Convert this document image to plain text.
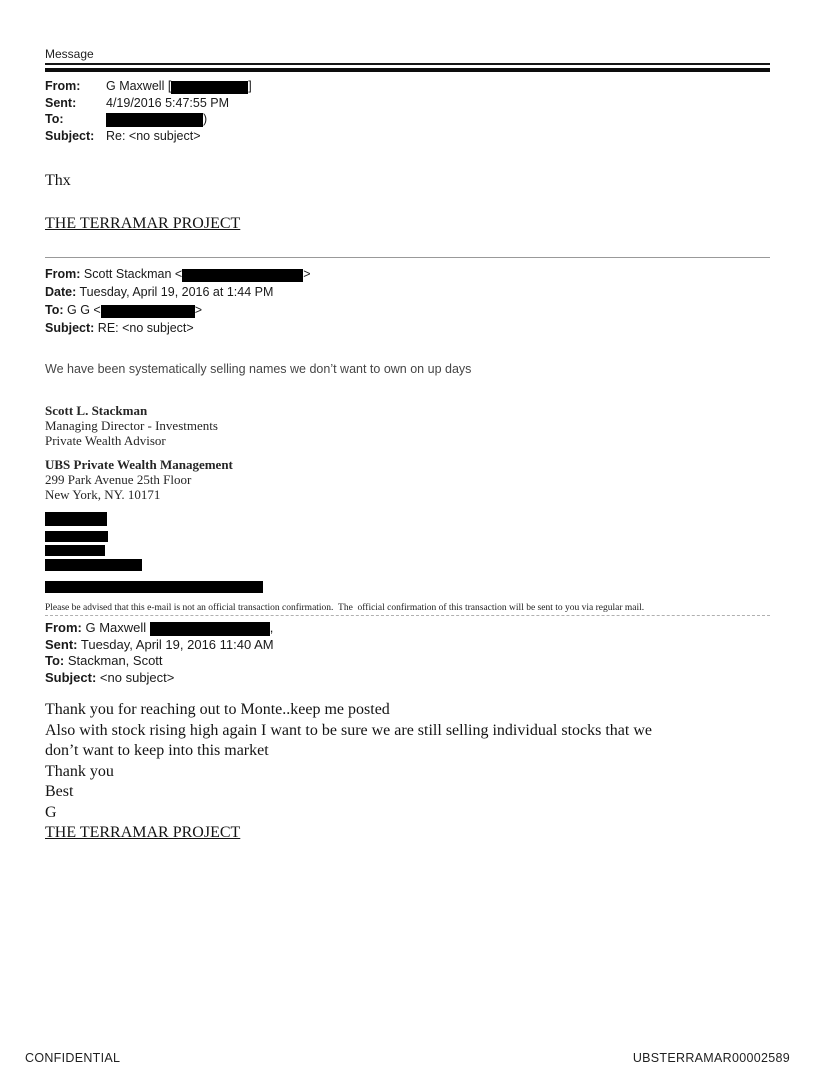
Message
From:	G Maxwell [	]
Sent:	4/19/2016 5:47:55 PM
To:	)
Subject: Re: <no subject>
Thx
THE TERRAMAR PROJECT
From: Scott Stackman <	>
Date: Tuesday, April 19, 2016 at 1:44 PM
To: G G <	>
Subject: RE: <no subject>
We have been systematically selling names we don’t want to own on up days
Scott L. Stackman
Managing Director - Investments
Private Wealth Advisor
UBS Private Wealth Management
299 Park Avenue 25th Floor
New York, NY. 10171
Please be advised that this e-mail is not an official transaction confirmation.  The  official confirmation of this transaction will be sent to you via regular mail.
From: G Maxwell	,
Sent: Tuesday, April 19, 2016 11:40 AM
To: Stackman, Scott
Subject: <no subject>
Thank you for reaching out to Monte..keep me posted
Also with stock rising high again I want to be sure we are still selling individual stocks that we
don’t want to keep into this market
Thank you
Best
G
THE TERRAMAR PROJECT
CONFIDENTIAL	UBSTERRAMAR00002589
